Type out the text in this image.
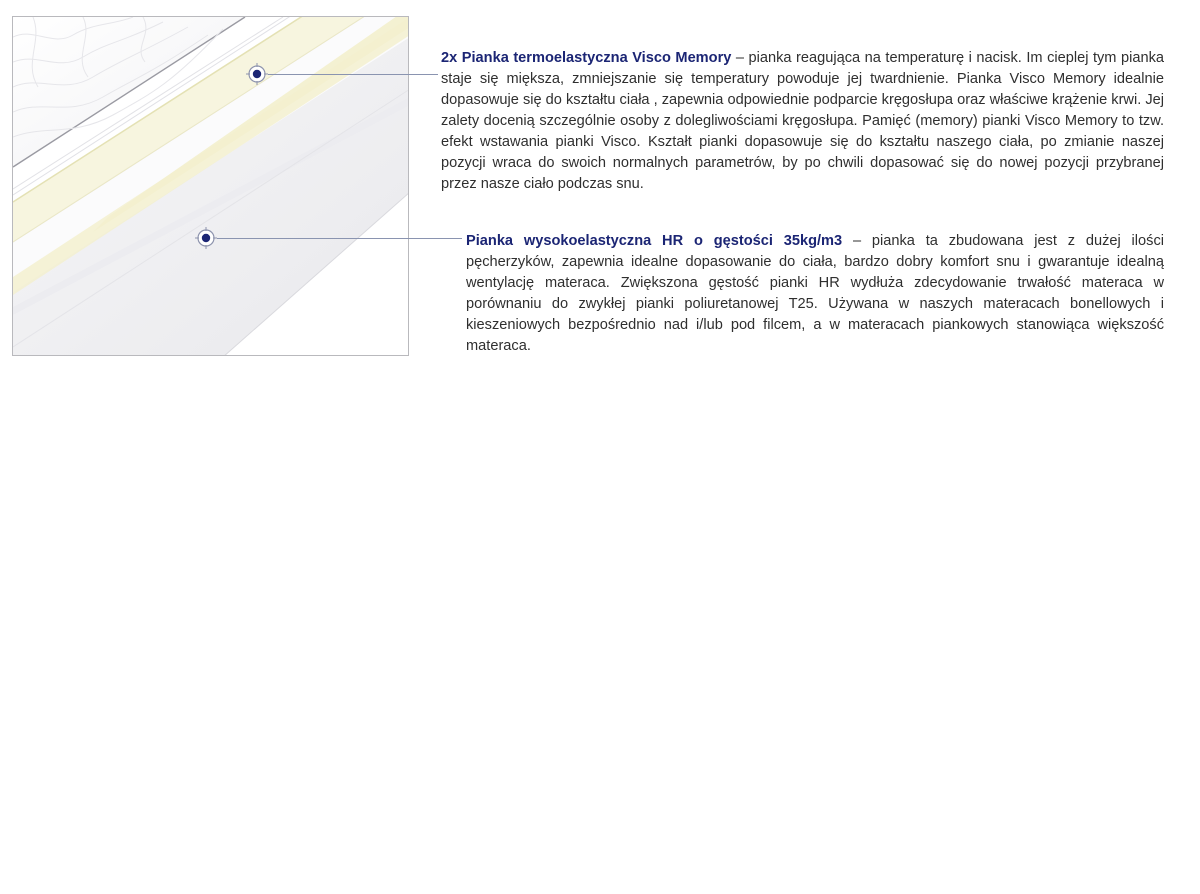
2x Pianka termoelastyczna Visco Memory – pianka reagująca na temperaturę i nacisk. Im cieplej tym pianka staje się miększa, zmniejszanie się temperatury powoduje jej twardnienie. Pianka Visco Memory idealnie dopasowuje się do kształtu ciała , zapewnia odpowiednie podparcie kręgosłupa oraz właściwe krążenie krwi. Jej zalety docenią szczególnie osoby z dolegliwościami kręgosłupa. Pamięć (memory) pianki Visco Memory to tzw. efekt wstawania pianki Visco. Kształt pianki dopasowuje się do kształtu naszego ciała, po zmianie naszej pozycji wraca do swoich normalnych parametrów, by po chwili dopasować się do nowej pozycji przybranej przez nasze ciało podczas snu.

Pianka wysokoelastyczna HR o gęstości 35kg/m3 – pianka ta zbudowana jest z dużej ilości pęcherzyków, zapewnia idealne dopasowanie do ciała, bardzo dobry komfort snu i gwarantuje idealną wentylację materaca. Zwiększona gęstość pianki HR wydłuża zdecydowanie trwałość materaca w porównaniu do zwykłej pianki poliuretanowej T25. Używana w naszych materacach bonellowych i kieszeniowych bezpośrednio nad i/lub pod filcem, a w materacach piankowych stanowiąca większość materaca.
